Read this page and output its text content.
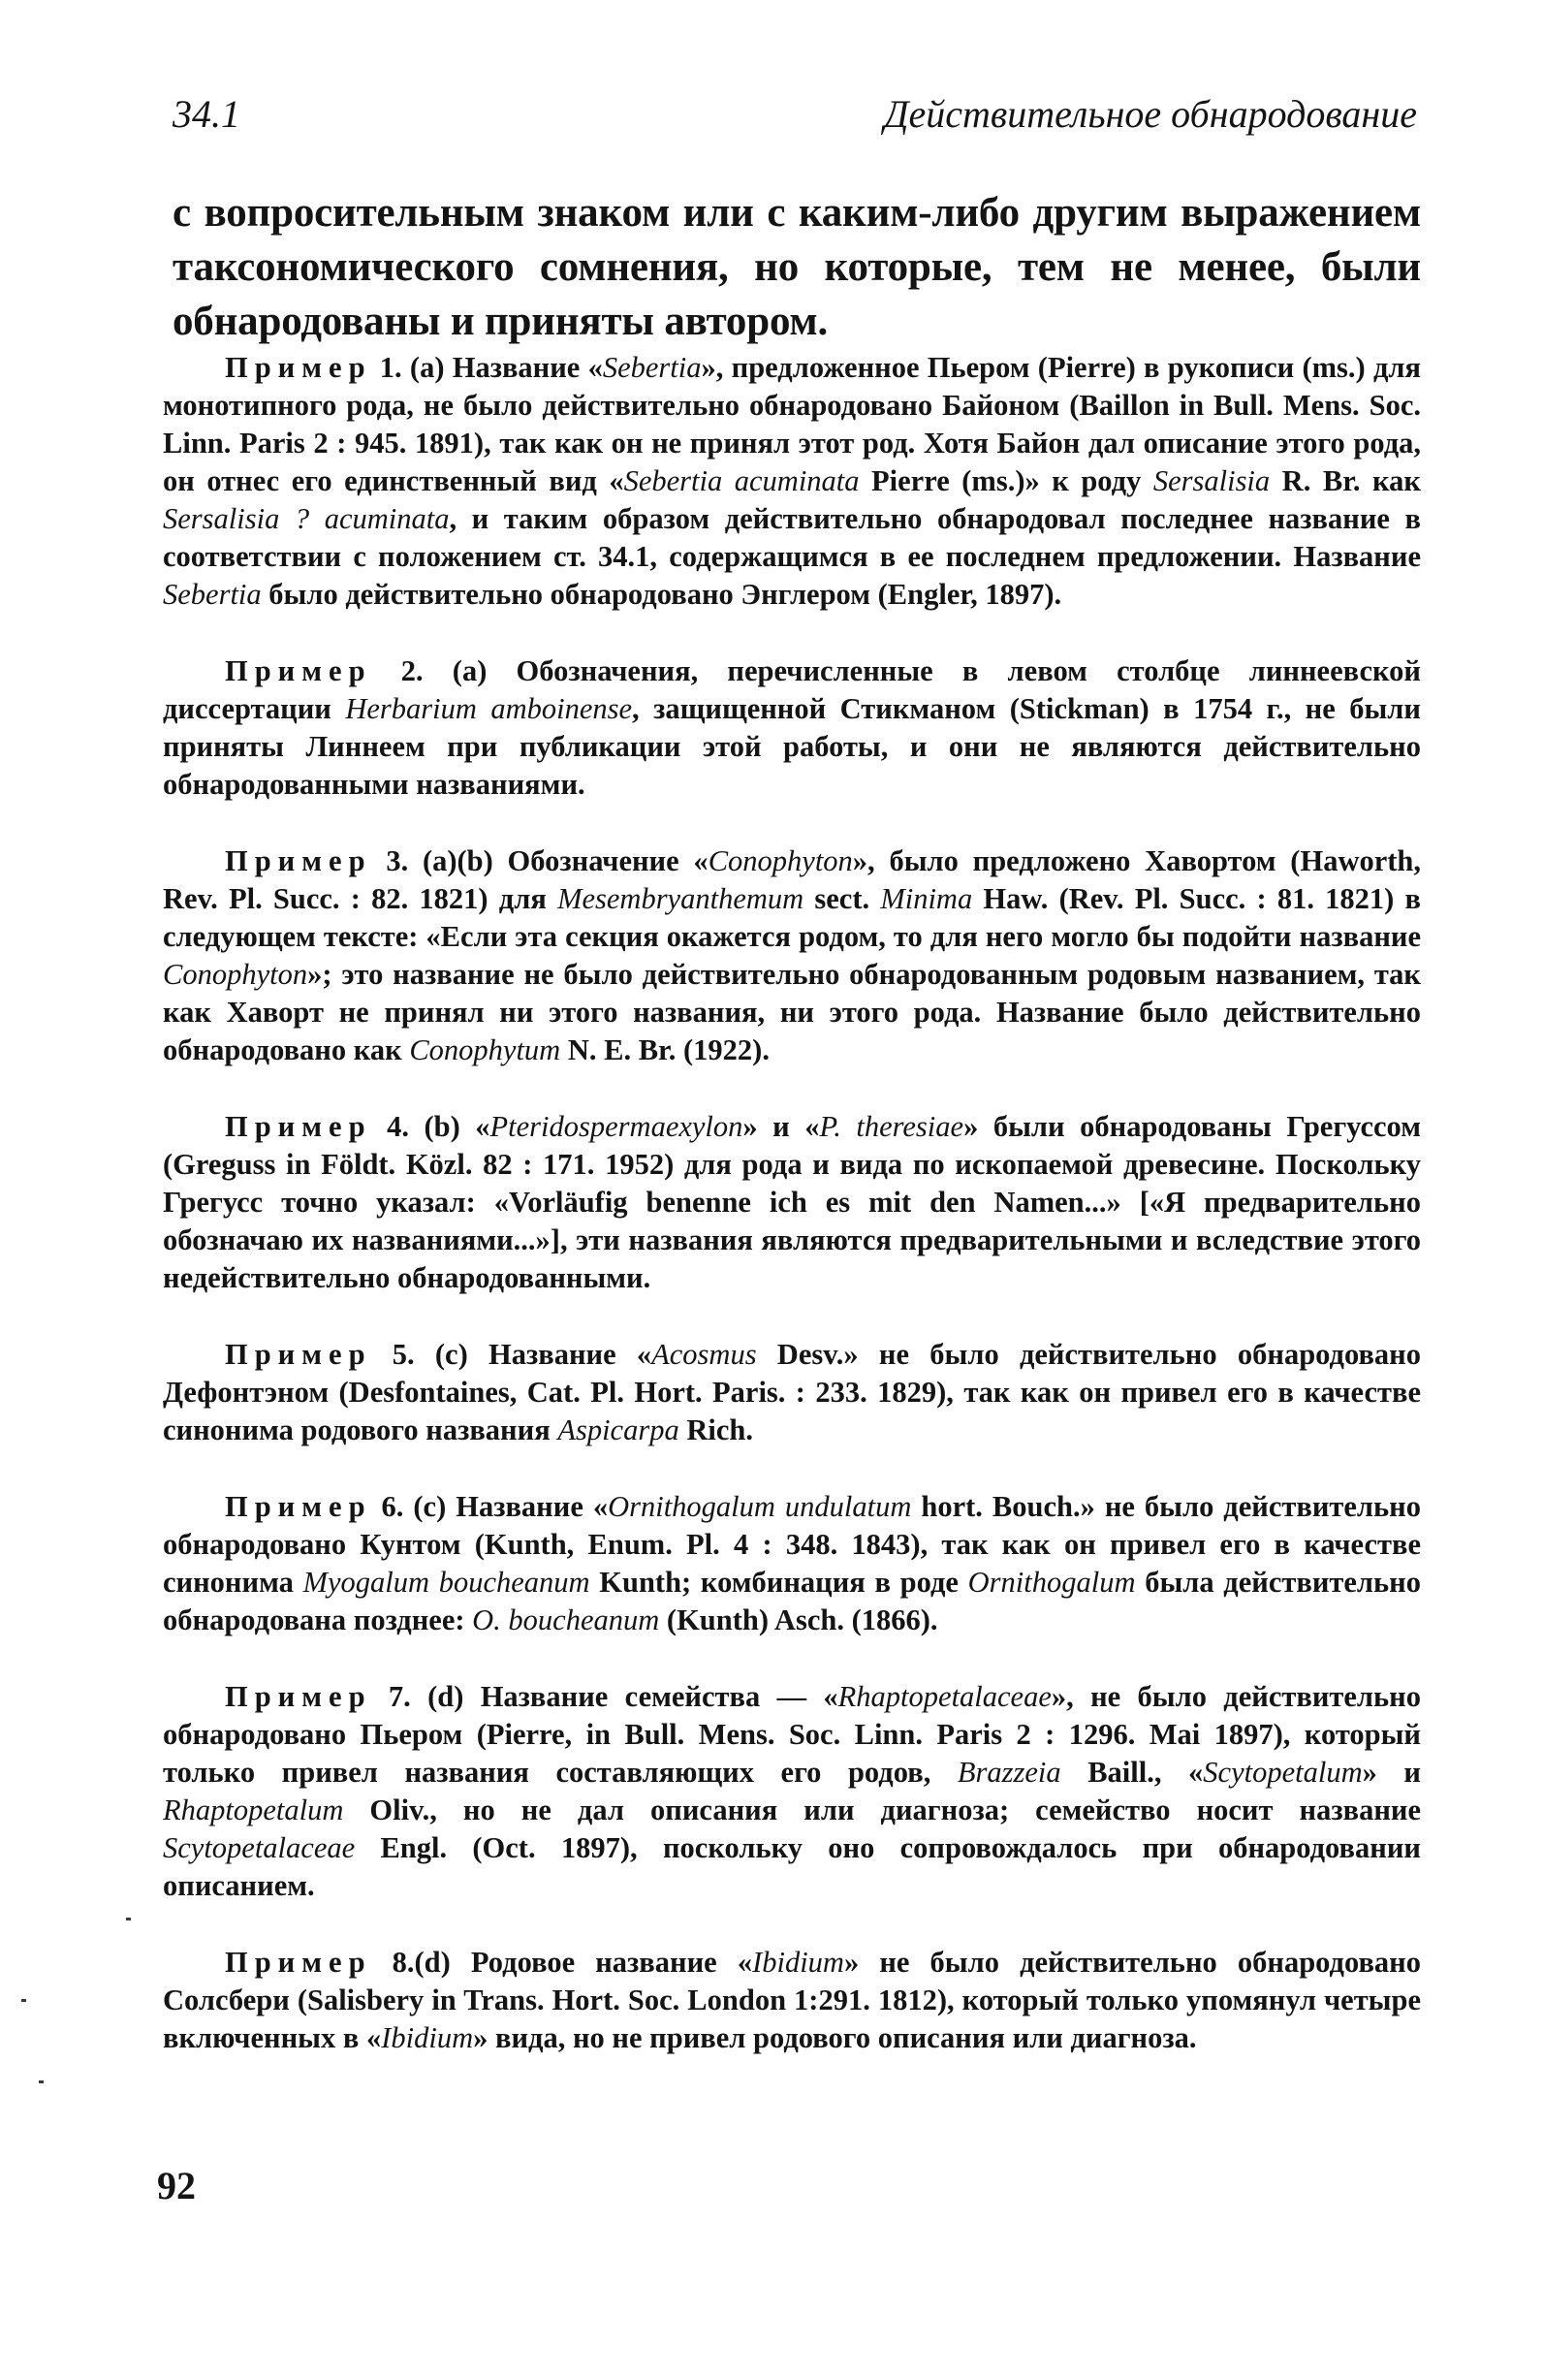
34.1	Действительное обнародование

с вопросительным знаком или с каким-либо другим выражением таксономического сомнения, но которые, тем не менее, были обнародованы и приняты автором.

Пример 1. (а) Название «Sebertia», предложенное Пьером (Pierre) в рукописи (ms.) для монотипного рода, не было действительно обнародовано Байоном (Baillon in Bull. Mens. Soc. Linn. Paris 2 : 945. 1891), так как он не принял этот род. Хотя Байон дал описание этого рода, он отнес его единственный вид «Sebertia acuminata Pierre (ms.)» к роду Sersalisia R. Br. как Sersalisia ? acuminata, и таким образом действительно обнародовал последнее название в соответствии с положением ст. 34.1, содержащимся в ее последнем предложении. Название Sebertia было действительно обнародовано Энглером (Engler, 1897).

Пример 2. (а) Обозначения, перечисленные в левом столбце линнеевской диссертации Herbarium amboinense, защищенной Стикманом (Stickman) в 1754 г., не были приняты Линнеем при публикации этой работы, и они не являются действительно обнародованными названиями.

Пример 3. (а)(b) Обозначение «Conophyton», было предложено Хавортом (Haworth, Rev. Pl. Succ. : 82. 1821) для Mesembryanthemum sect. Minima Haw. (Rev. Pl. Succ. : 81. 1821) в следующем тексте: «Если эта секция окажется родом, то для него могло бы подойти название Conophyton»; это название не было действительно обнародованным родовым названием, так как Хаворт не принял ни этого названия, ни этого рода. Название было действительно обнародовано как Conophytum N. E. Br. (1922).

Пример 4. (b) «Pteridospermaexylon» и «P. theresiae» были обнародованы Грегуссом (Greguss in Földt. Közl. 82 : 171. 1952) для рода и вида по ископаемой древесине. Поскольку Грегусс точно указал: «Vorläufig benenne ich es mit den Namen...» [«Я предварительно обозначаю их названиями...»], эти названия являются предварительными и вследствие этого недействительно обнародованными.

Пример 5. (с) Название «Acosmus Desv.» не было действительно обнародовано Дефонтэном (Desfontaines, Cat. Pl. Hort. Paris. : 233. 1829), так как он привел его в качестве синонима родового названия Aspicarpa Rich.

Пример 6. (с) Название «Ornithogalum undulatum hort. Bouch.» не было действительно обнародовано Кунтом (Kunth, Enum. Pl. 4 : 348. 1843), так как он привел его в качестве синонима Myogalum boucheanum Kunth; комбинация в роде Ornithogalum была действительно обнародована позднее: O. boucheanum (Kunth) Asch. (1866).

Пример 7. (d) Название семейства — «Rhaptopetalaceae», не было действительно обнародовано Пьером (Pierre, in Bull. Mens. Soc. Linn. Paris 2 : 1296. Mai 1897), который только привел названия составляющих его родов, Brazzeia Baill., «Scytopetalum» и Rhaptopetalum Oliv., но не дал описания или диагноза; семейство носит название Scytopetalaceae Engl. (Oct. 1897), поскольку оно сопровождалось при обнародовании описанием.

Пример 8.(d) Родовое название «Ibidium» не было действительно обнародовано Солсбери (Salisbery in Trans. Hort. Soc. London 1:291. 1812), который только упомянул четыре включенных в «Ibidium» вида, но не привел родового описания или диагноза.

92
